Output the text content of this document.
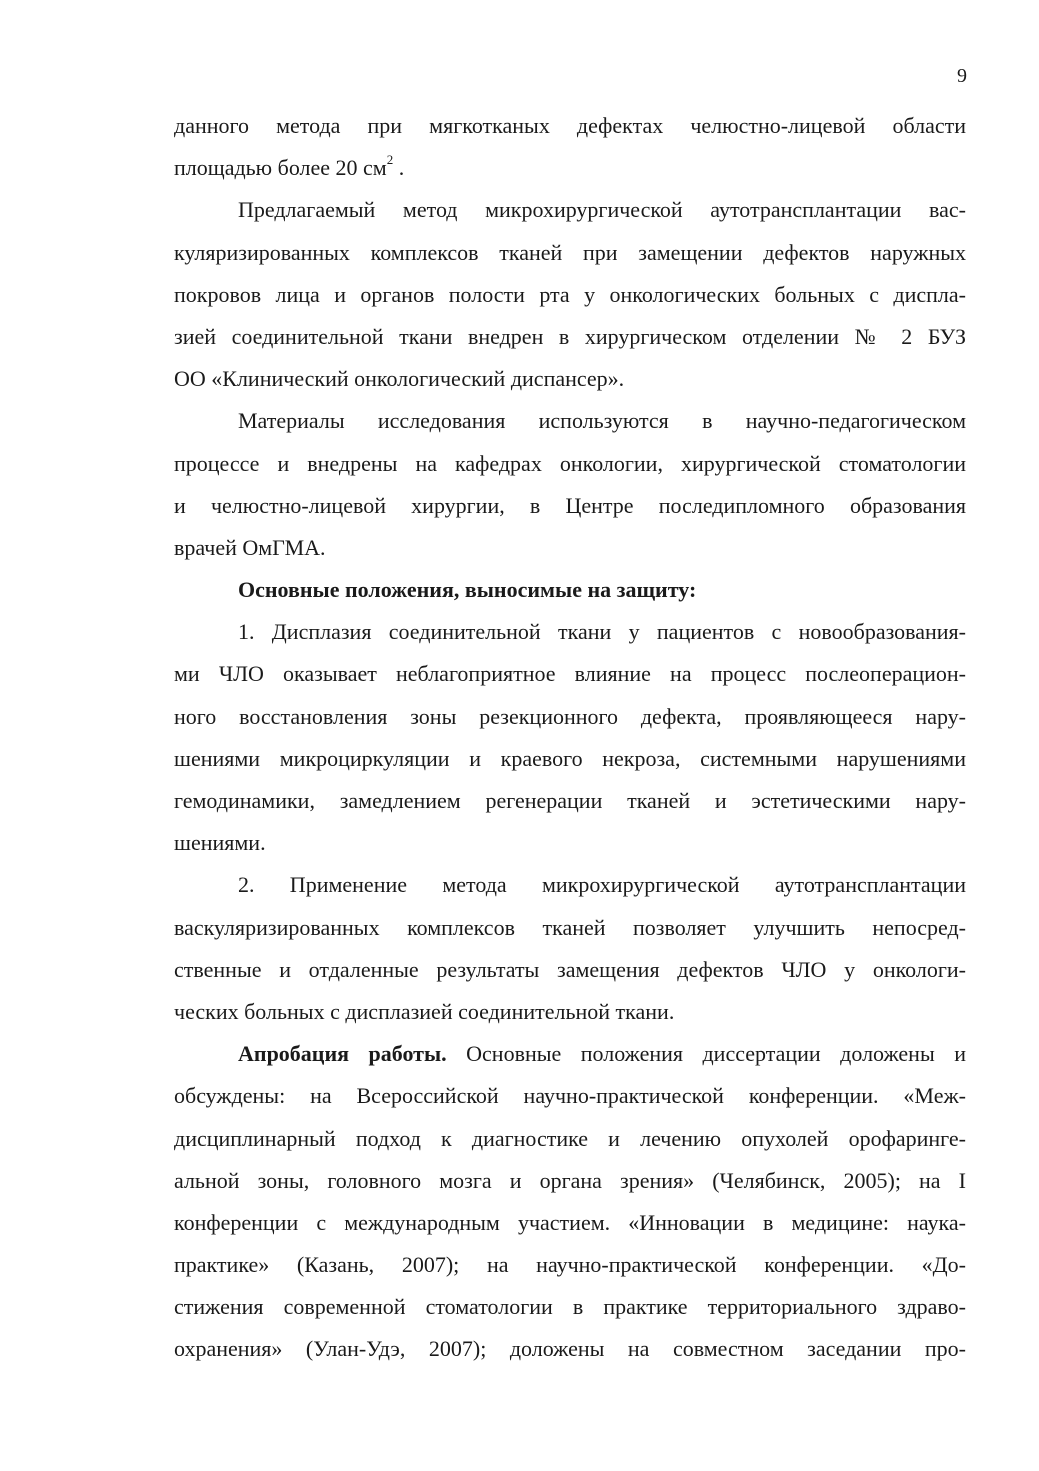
9
данного метода при мягкотканых дефектах челюстно-лицевой области
площадью более 20 $см^2$ .
Предлагаемый метод микрохирургической аутотрансплантации вас-
куляризированных комплексов тканей при замещении дефектов наружных
покровов лица и органов полости рта у онкологических больных с диспла-
зией соединительной ткани внедрен в хирургическом отделении № 2 БУЗ
ОО «Клинический онкологический диспансер».
Материалы исследования используются в научно-педагогическом
процессе и внедрены на кафедрах онкологии, хирургической стоматологии
и челюстно-лицевой хирургии, в Центре последипломного образования
врачей ОмГМА.
Основные положения, выносимые на защиту:
1. Дисплазия соединительной ткани у пациентов с новообразования-
ми ЧЛО оказывает неблагоприятное влияние на процесс послеоперацион-
ного восстановления зоны резекционного дефекта, проявляющееся нару-
шениями микроциркуляции и краевого некроза, системными нарушениями
гемодинамики, замедлением регенерации тканей и эстетическими нару-
шениями.
2. Применение метода микрохирургической аутотрансплантации
васкуляризированных комплексов тканей позволяет улучшить непосред-
ственные и отдаленные результаты замещения дефектов ЧЛО у онкологи-
ческих больных с дисплазией соединительной ткани.
Апробация работы. Основные положения диссертации доложены и
обсуждены: на Всероссийской научно-практической конференции. «Меж-
дисциплинарный подход к диагностике и лечению опухолей орофаринге-
альной зоны, головного мозга и органа зрения» (Челябинск, 2005); на I
конференции с международным участием. «Инновации в медицине: наука-
практике» (Казань, 2007); на научно-практической конференции. «До-
стижения современной стоматологии в практике территориального здраво-
охранения» (Улан-Удэ, 2007); доложены на совместном заседании про-
